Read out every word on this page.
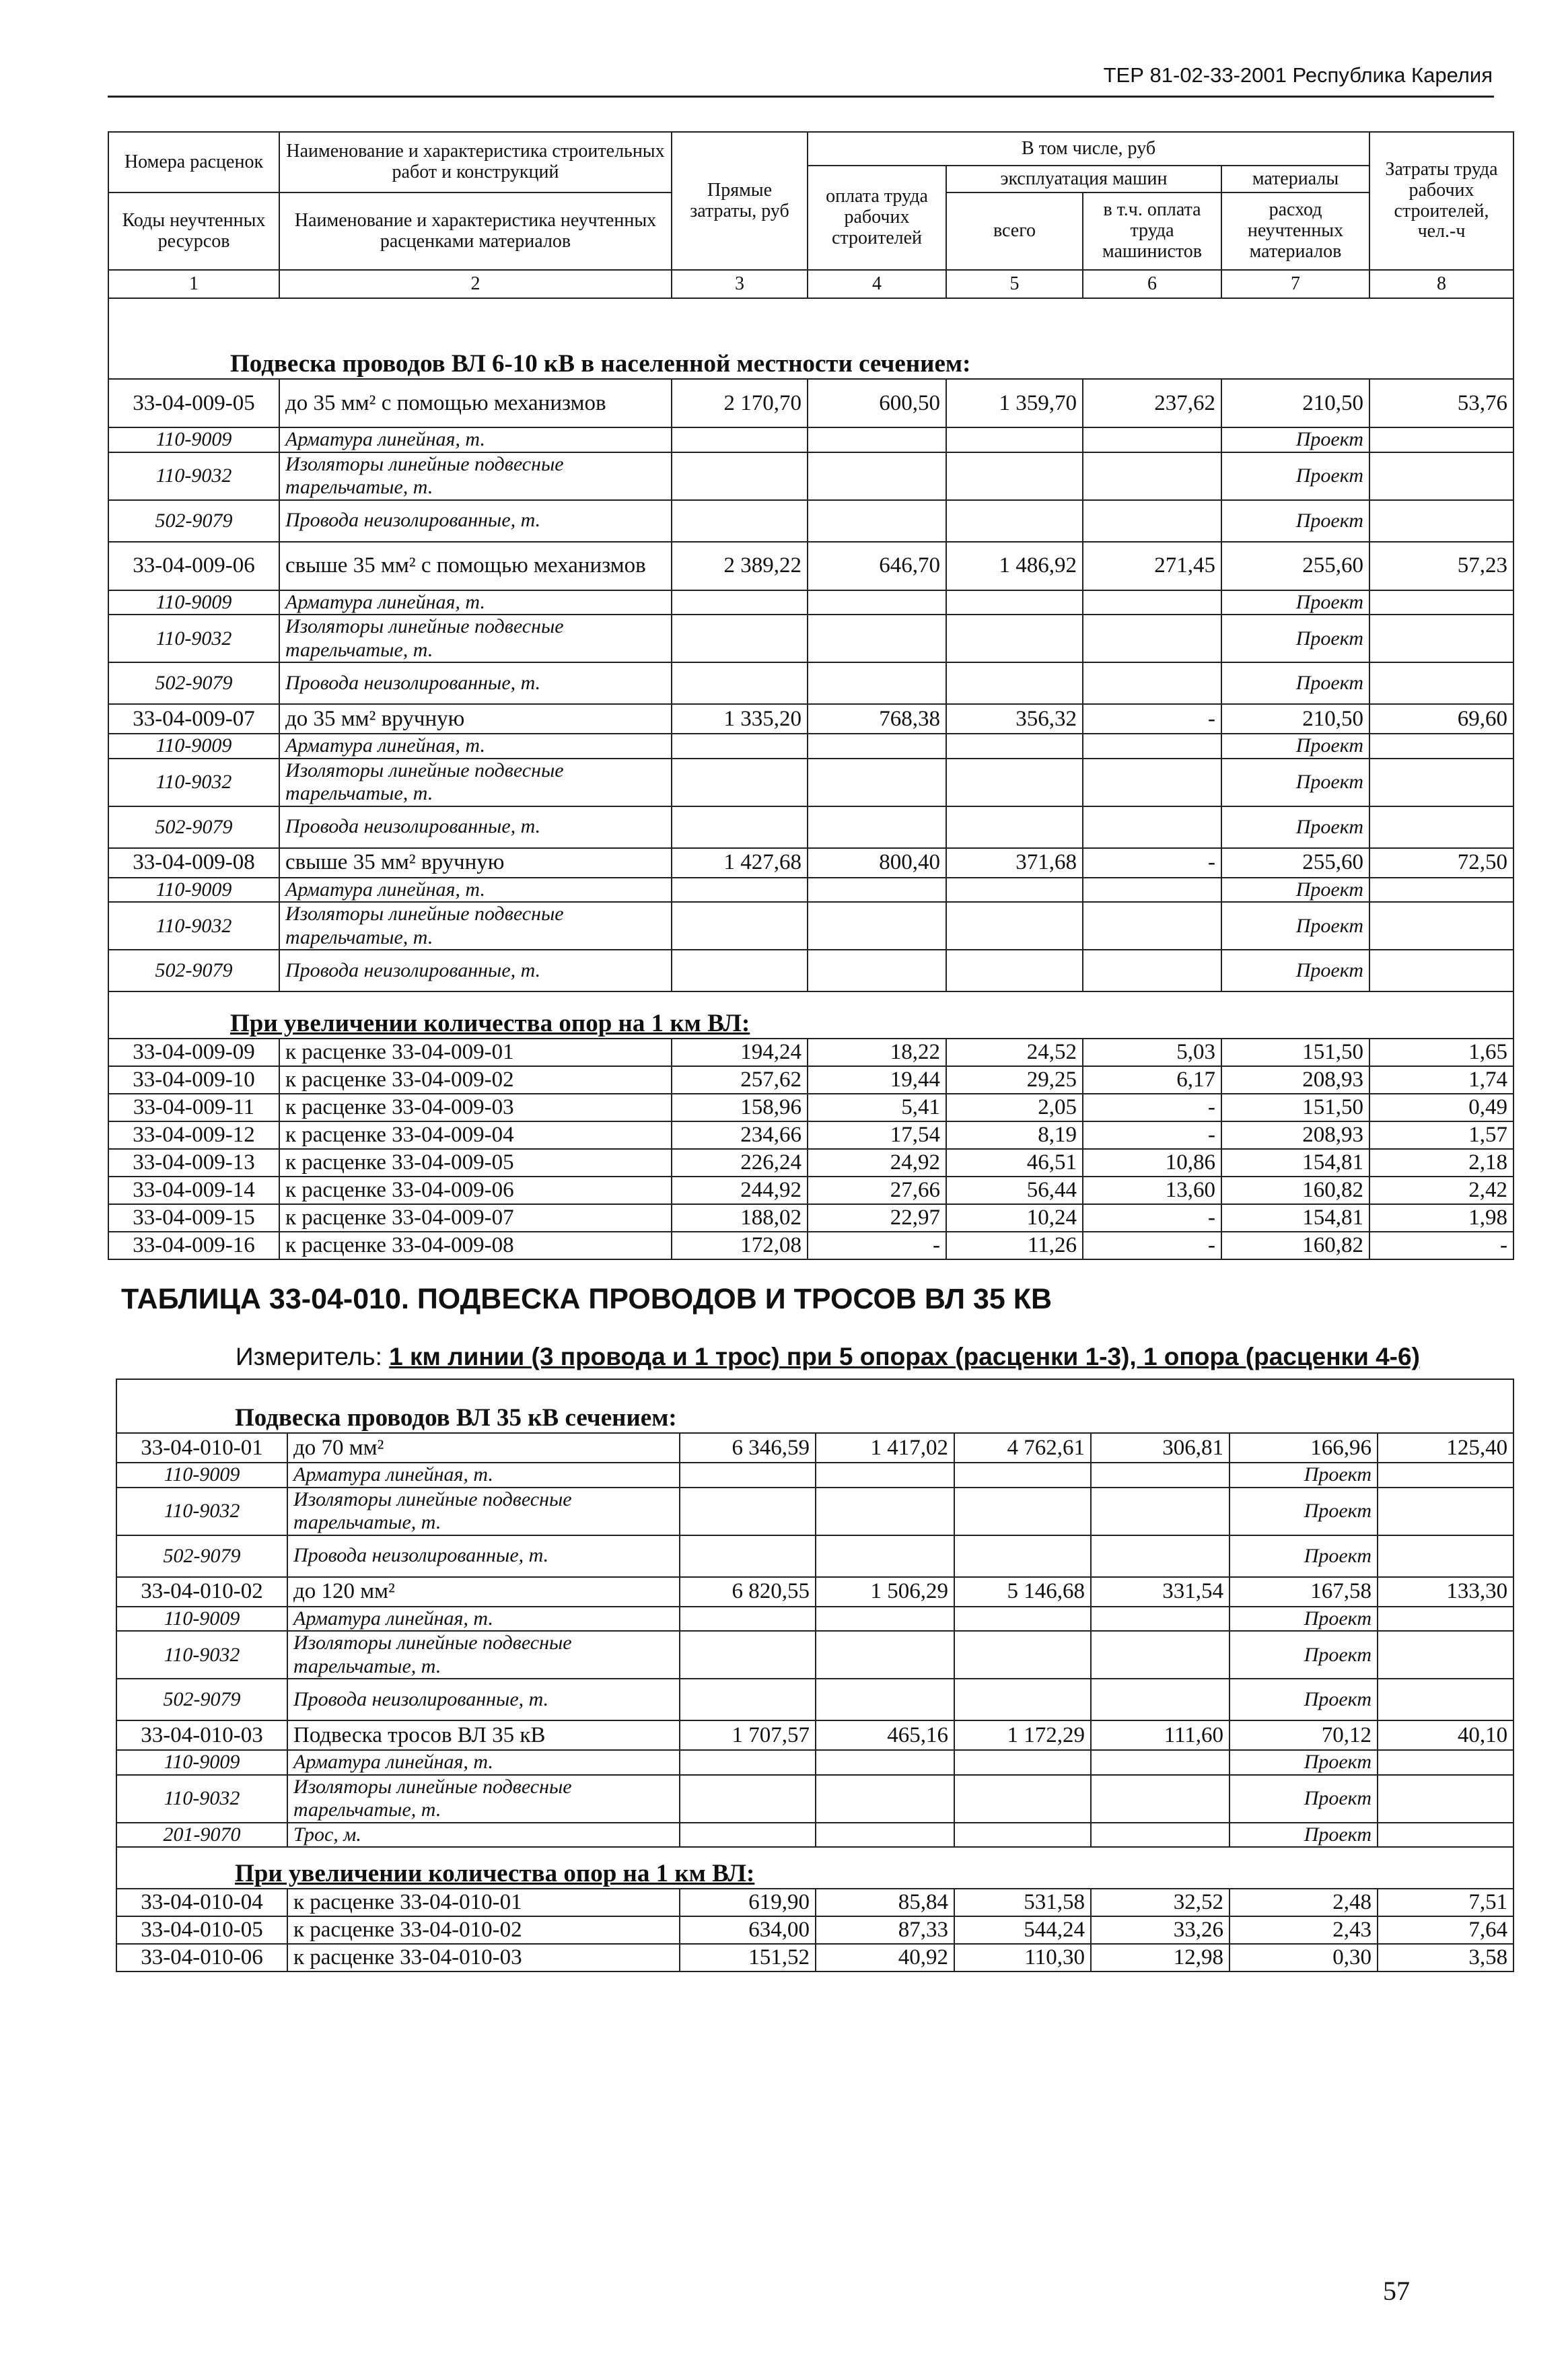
ТЕР 81-02-33-2001 Республика Карелия
Номера расценок	Наименование и характеристика строительных работ и конструкций	Прямые затраты, руб	В том числе, руб				Затраты труда рабочих строителей, чел.-ч
			оплата труда рабочих строителей	эксплуатация машин		материалы	
Коды неучтенных ресурсов	Наименование и характеристика неучтенных расценками материалов			всего	в т.ч. оплата труда машинистов	расход неучтенных материалов	

1	2	3	4	5	6	7	8
Подвеска проводов ВЛ 6-10 кВ в населенной местности сечением:							
33-04-009-05	до 35 мм² с помощью механизмов	2 170,70	600,50	1 359,70	237,62	210,50	53,76
110-9009	Арматура линейная, т.					Проект	
110-9032	Изоляторы линейные подвесные тарельчатые, т.					Проект	
502-9079	Провода неизолированные, т.					Проект	
33-04-009-06	свыше 35 мм² с помощью механизмов	2 389,22	646,70	1 486,92	271,45	255,60	57,23
110-9009	Арматура линейная, т.					Проект	
110-9032	Изоляторы линейные подвесные тарельчатые, т.					Проект	
502-9079	Провода неизолированные, т.					Проект	
33-04-009-07	до 35 мм² вручную	1 335,20	768,38	356,32	-	210,50	69,60
110-9009	Арматура линейная, т.					Проект	
110-9032	Изоляторы линейные подвесные тарельчатые, т.					Проект	
502-9079	Провода неизолированные, т.					Проект	
33-04-009-08	свыше 35 мм² вручную	1 427,68	800,40	371,68	-	255,60	72,50
110-9009	Арматура линейная, т.					Проект	
110-9032	Изоляторы линейные подвесные тарельчатые, т.					Проект	
502-9079	Провода неизолированные, т.					Проект	
При увеличении количества опор на 1 км ВЛ:							
33-04-009-09	к расценке 33-04-009-01	194,24	18,22	24,52	5,03	151,50	1,65
33-04-009-10	к расценке 33-04-009-02	257,62	19,44	29,25	6,17	208,93	1,74
33-04-009-11	к расценке 33-04-009-03	158,96	5,41	2,05	-	151,50	0,49
33-04-009-12	к расценке 33-04-009-04	234,66	17,54	8,19	-	208,93	1,57
33-04-009-13	к расценке 33-04-009-05	226,24	24,92	46,51	10,86	154,81	2,18
33-04-009-14	к расценке 33-04-009-06	244,92	27,66	56,44	13,60	160,82	2,42
33-04-009-15	к расценке 33-04-009-07	188,02	22,97	10,24	-	154,81	1,98
33-04-009-16	к расценке 33-04-009-08	172,08	-	11,26	-	160,82	-
ТАБЛИЦА 33-04-010. ПОДВЕСКА ПРОВОДОВ И ТРОСОВ ВЛ 35 КВ
Измеритель: 1 км линии (3 провода и 1 трос) при 5 опорах (расценки 1-3), 1 опора (расценки 4-6)
Подвеска проводов ВЛ 35 кВ сечением:							
33-04-010-01	до 70 мм²	6 346,59	1 417,02	4 762,61	306,81	166,96	125,40
110-9009	Арматура линейная, т.					Проект	
110-9032	Изоляторы линейные подвесные тарельчатые, т.					Проект	
502-9079	Провода неизолированные, т.					Проект	
33-04-010-02	до 120 мм²	6 820,55	1 506,29	5 146,68	331,54	167,58	133,30
110-9009	Арматура линейная, т.					Проект	
110-9032	Изоляторы линейные подвесные тарельчатые, т.					Проект	
502-9079	Провода неизолированные, т.					Проект	
33-04-010-03	Подвеска тросов ВЛ 35 кВ	1 707,57	465,16	1 172,29	111,60	70,12	40,10
110-9009	Арматура линейная, т.					Проект	
110-9032	Изоляторы линейные подвесные тарельчатые, т.					Проект	
201-9070	Трос, м.					Проект	
При увеличении количества опор на 1 км ВЛ:							
33-04-010-04	к расценке 33-04-010-01	619,90	85,84	531,58	32,52	2,48	7,51
33-04-010-05	к расценке 33-04-010-02	634,00	87,33	544,24	33,26	2,43	7,64
33-04-010-06	к расценке 33-04-010-03	151,52	40,92	110,30	12,98	0,30	3,58
57
